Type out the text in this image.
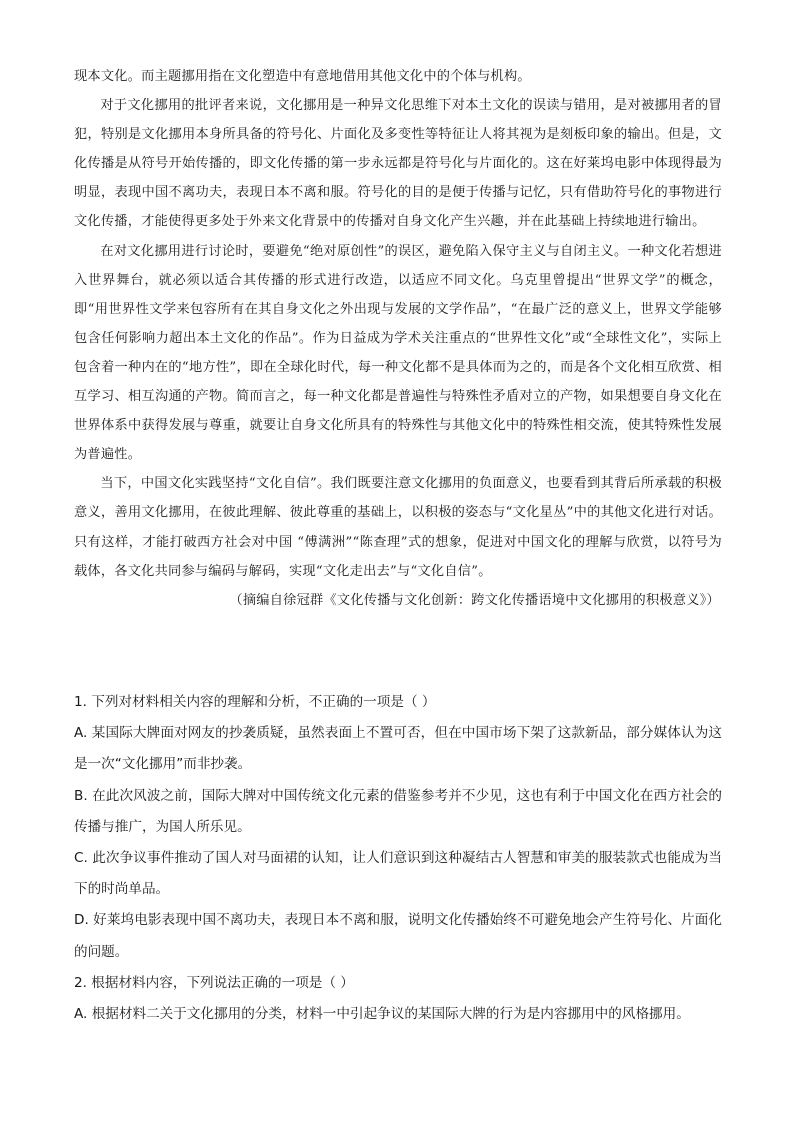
现本文化。而主题挪用指在文化塑造中有意地借用其他文化中的个体与机构。

对于文化挪用的批评者来说，文化挪用是一种异文化思维下对本土文化的误读与错用，是对被挪用者的冒犯，特别是文化挪用本身所具备的符号化、片面化及多变性等特征让人将其视为是刻板印象的输出。但是，文化传播是从符号开始传播的，即文化传播的第一步永远都是符号化与片面化的。这在好莱坞电影中体现得最为明显，表现中国不离功夫，表现日本不离和服。符号化的目的是便于传播与记忆，只有借助符号化的事物进行文化传播，才能使得更多处于外来文化背景中的传播对自身文化产生兴趣，并在此基础上持续地进行输出。

在对文化挪用进行讨论时，要避免“绝对原创性”的误区，避免陷入保守主义与自闭主义。一种文化若想进入世界舞台，就必须以适合其传播的形式进行改造，以适应不同文化。乌克里曾提出“世界文学”的概念，即“用世界性文学来包容所有在其自身文化之外出现与发展的文学作品”，“在最广泛的意义上，世界文学能够包含任何影响力超出本土文化的作品”。作为日益成为学术关注重点的“世界性文化”或“全球性文化”，实际上包含着一种内在的“地方性”，即在全球化时代，每一种文化都不是具体而为之的，而是各个文化相互欣赏、相互学习、相互沟通的产物。简而言之，每一种文化都是普遍性与特殊性矛盾对立的产物，如果想要自身文化在世界体系中获得发展与尊重，就要让自身文化所具有的特殊性与其他文化中的特殊性相交流，使其特殊性发展为普遍性。

当下，中国文化实践坚持“文化自信”。我们既要注意文化挪用的负面意义，也要看到其背后所承载的积极意义，善用文化挪用，在彼此理解、彼此尊重的基础上，以积极的姿态与“文化星丛”中的其他文化进行对话。只有这样，才能打破西方社会对中国 “傅满洲”“陈查理”式的想象，促进对中国文化的理解与欣赏，以符号为载体，各文化共同参与编码与解码，实现“文化走出去”与“文化自信”。

（摘编自徐冠群《文化传播与文化创新：跨文化传播语境中文化挪用的积极意义》）

1. 下列对材料相关内容的理解和分析，不正确的一项是（ ）

A. 某国际大牌面对网友的抄袭质疑，虽然表面上不置可否，但在中国市场下架了这款新品，部分媒体认为这是一次“文化挪用”而非抄袭。

B. 在此次风波之前，国际大牌对中国传统文化元素的借鉴参考并不少见，这也有利于中国文化在西方社会的传播与推广，为国人所乐见。

C. 此次争议事件推动了国人对马面裙的认知，让人们意识到这种凝结古人智慧和审美的服装款式也能成为当下的时尚单品。

D. 好莱坞电影表现中国不离功夫，表现日本不离和服，说明文化传播始终不可避免地会产生符号化、片面化的问题。

2. 根据材料内容，下列说法正确的一项是（ ）

A. 根据材料二关于文化挪用的分类，材料一中引起争议的某国际大牌的行为是内容挪用中的风格挪用。
